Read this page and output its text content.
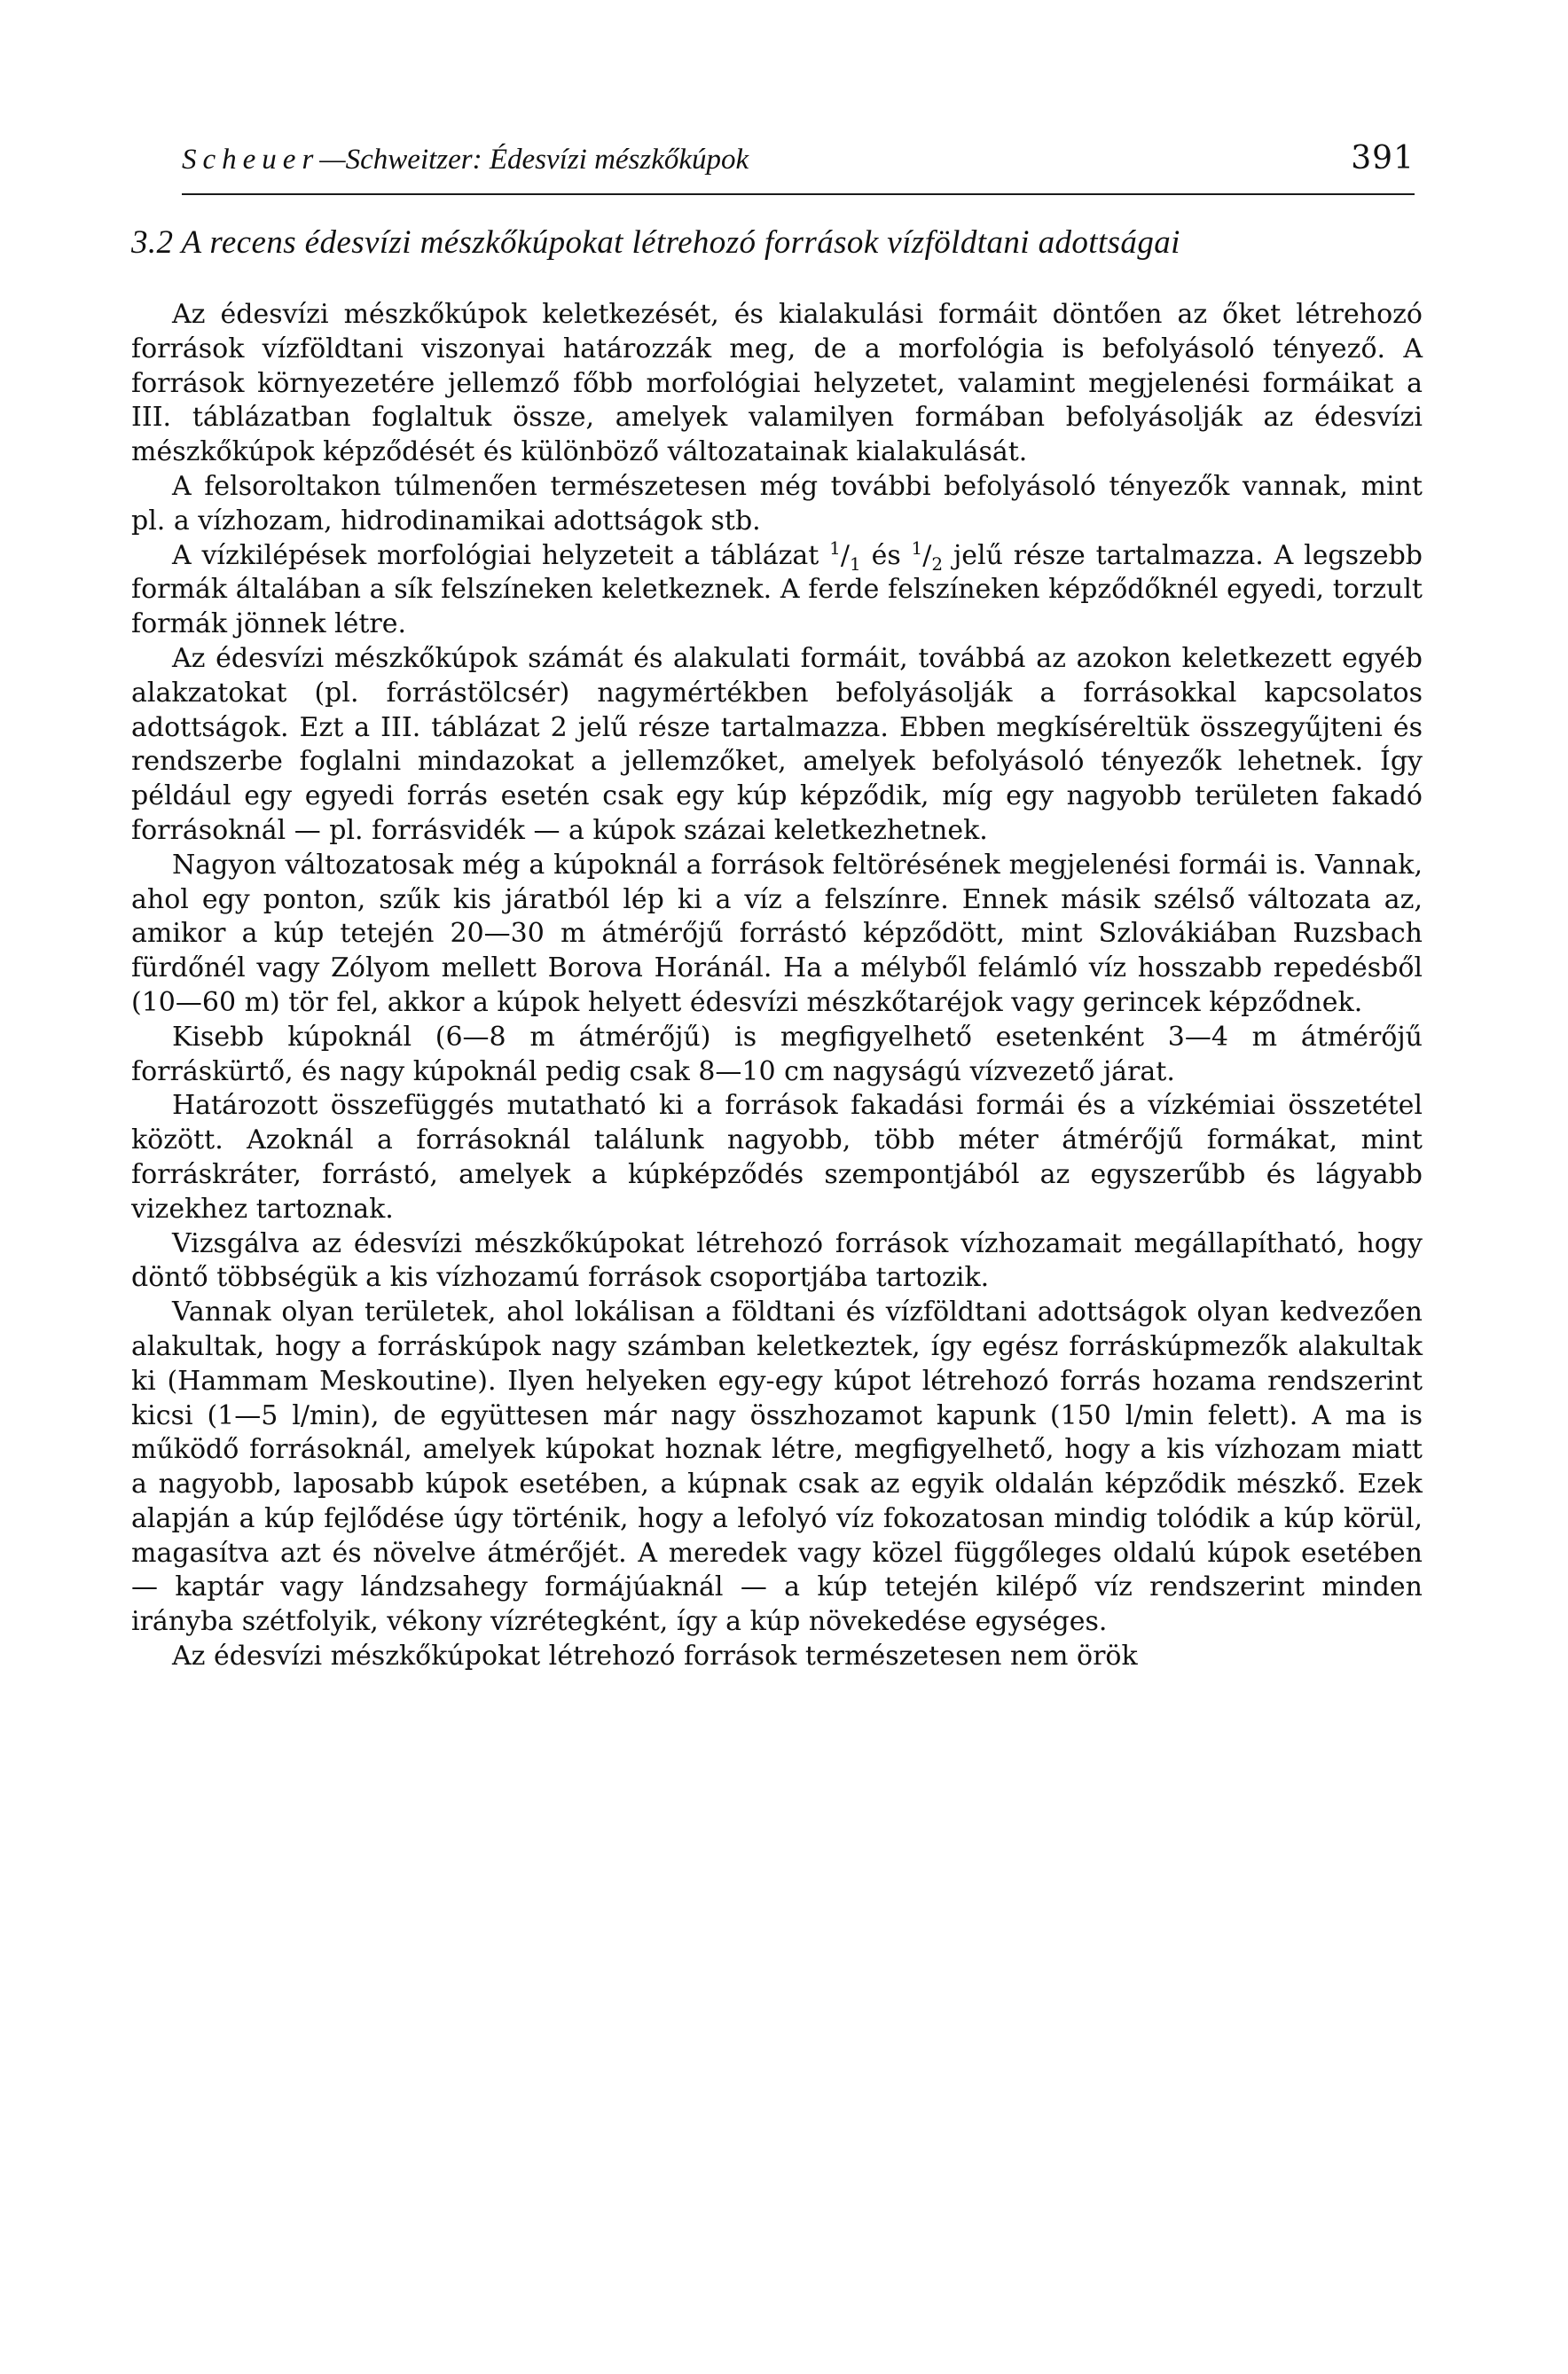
Scheuer—Schweitzer: Édesvízi mészkőkúpok	391
3.2 A recens édesvízi mészkőkúpokat létrehozó források vízföldtani adottságai

Az édesvízi mészkőkúpok keletkezését, és kialakulási formáit döntően az őket létrehozó források vízföldtani viszonyai határozzák meg, de a morfológia is befolyásoló tényező. A források környezetére jellemző főbb morfológiai helyzetet, valamint megjelenési formáikat a III. táblázatban foglaltuk össze, amelyek valamilyen formában befolyásolják az édesvízi mészkőkúpok képződését és különböző változatainak kialakulását.

A felsoroltakon túlmenően természetesen még további befolyásoló tényezők vannak, mint pl. a vízhozam, hidrodinamikai adottságok stb.

A vízkilépések morfológiai helyzeteit a táblázat $^1/_1$ és $^1/_2$ jelű része tartalmazza. A legszebb formák általában a sík felszíneken keletkeznek. A ferde felszíneken képződőknél egyedi, torzult formák jönnek létre.

Az édesvízi mészkőkúpok számát és alakulati formáit, továbbá az azokon keletkezett egyéb alakzatokat (pl. forrástölcsér) nagymértékben befolyásolják a forrásokkal kapcsolatos adottságok. Ezt a III. táblázat 2 jelű része tartalmazza. Ebben megkíséreltük összegyűjteni és rendszerbe foglalni mindazokat a jellemzőket, amelyek befolyásoló tényezők lehetnek. Így például egy egyedi forrás esetén csak egy kúp képződik, míg egy nagyobb területen fakadó forrásoknál — pl. forrásvidék — a kúpok százai keletkezhetnek.

Nagyon változatosak még a kúpoknál a források feltörésének megjelenési formái is. Vannak, ahol egy ponton, szűk kis járatból lép ki a víz a felszínre. Ennek másik szélső változata az, amikor a kúp tetején 20—30 m átmérőjű forrástó képződött, mint Szlovákiában Ruzsbach fürdőnél vagy Zólyom mellett Borova Horánál. Ha a mélyből felámló víz hosszabb repedésből (10—60 m) tör fel, akkor a kúpok helyett édesvízi mészkőtaréjok vagy gerincek képződnek.

Kisebb kúpoknál (6—8 m átmérőjű) is megfigyelhető esetenként 3—4 m átmérőjű forráskürtő, és nagy kúpoknál pedig csak 8—10 cm nagyságú vízvezető járat.

Határozott összefüggés mutatható ki a források fakadási formái és a vízkémiai összetétel között. Azoknál a forrásoknál találunk nagyobb, több méter átmérőjű formákat, mint forráskráter, forrástó, amelyek a kúpképződés szempontjából az egyszerűbb és lágyabb vizekhez tartoznak.

Vizsgálva az édesvízi mészkőkúpokat létrehozó források vízhozamait megállapítható, hogy döntő többségük a kis vízhozamú források csoportjába tartozik.

Vannak olyan területek, ahol lokálisan a földtani és vízföldtani adottságok olyan kedvezően alakultak, hogy a forráskúpok nagy számban keletkeztek, így egész forráskúpmezők alakultak ki (Hammam Meskoutine). Ilyen helyeken egy-egy kúpot létrehozó forrás hozama rendszerint kicsi (1—5 l/min), de együttesen már nagy összhozamot kapunk (150 l/min felett). A ma is működő forrásoknál, amelyek kúpokat hoznak létre, megfigyelhető, hogy a kis vízhozam miatt a nagyobb, laposabb kúpok esetében, a kúpnak csak az egyik oldalán képződik mészkő. Ezek alapján a kúp fejlődése úgy történik, hogy a lefolyó víz fokozatosan mindig tolódik a kúp körül, magasítva azt és növelve átmérőjét. A meredek vagy közel függőleges oldalú kúpok esetében — kaptár vagy lándzsahegy formájúaknál — a kúp tetején kilépő víz rendszerint minden irányba szétfolyik, vékony vízrétegként, így a kúp növekedése egységes.

Az édesvízi mészkőkúpokat létrehozó források természetesen nem örök
